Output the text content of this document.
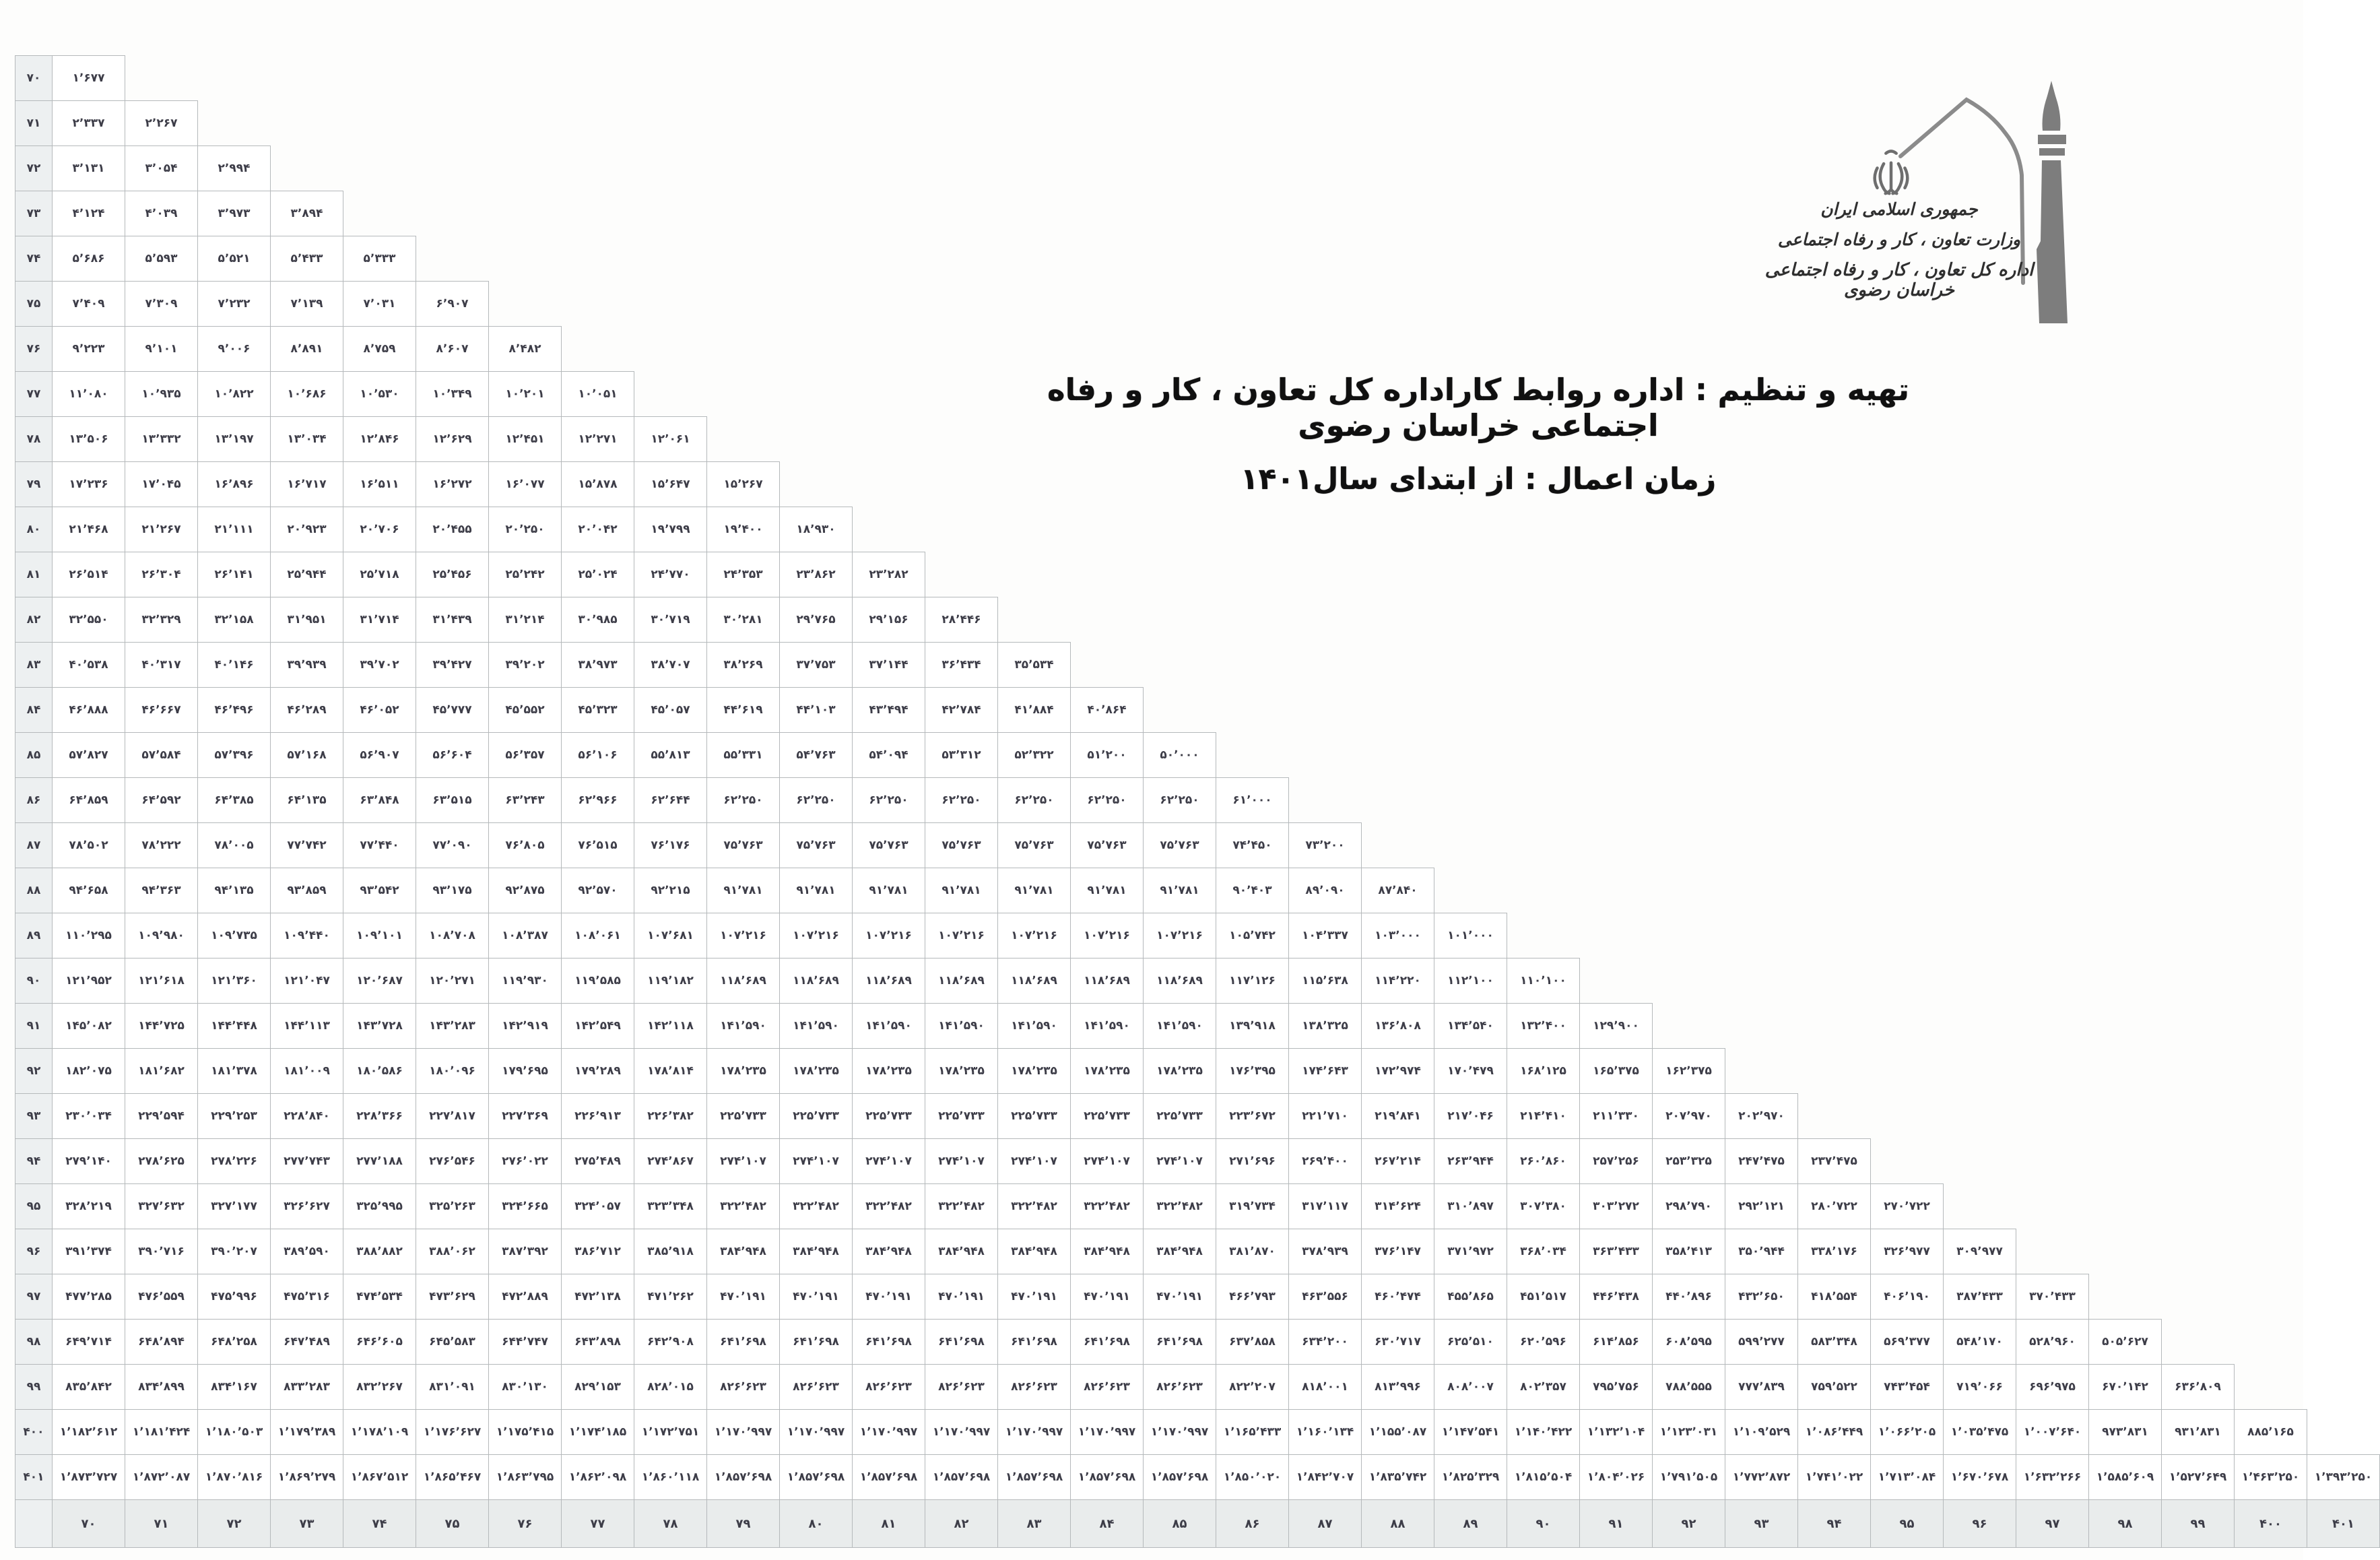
جمهوری اسلامی ایران
وزارت تعاون ، کار و رفاه اجتماعی
اداره کل تعاون ، کار و رفاه اجتماعی خراسان رضوی
تهیه و تنظیم : اداره روابط کاراداره کل تعاون ، کار و رفاه اجتماعی خراسان رضوی
زمان اعمال : از ابتدای سال۱۴۰۱
۷۰	۱٬۶۷۷																															
۷۱	۲٬۳۳۷	۲٬۲۶۷																														
۷۲	۳٬۱۳۱	۳٬۰۵۴	۲٬۹۹۴																													
۷۳	۴٬۱۲۴	۴٬۰۳۹	۳٬۹۷۳	۳٬۸۹۴																												
۷۴	۵٬۶۸۶	۵٬۵۹۳	۵٬۵۲۱	۵٬۴۳۳	۵٬۳۳۳																											
۷۵	۷٬۴۰۹	۷٬۳۰۹	۷٬۲۳۲	۷٬۱۳۹	۷٬۰۳۱	۶٬۹۰۷																										
۷۶	۹٬۲۲۳	۹٬۱۰۱	۹٬۰۰۶	۸٬۸۹۱	۸٬۷۵۹	۸٬۶۰۷	۸٬۴۸۲																									
۷۷	۱۱٬۰۸۰	۱۰٬۹۳۵	۱۰٬۸۲۲	۱۰٬۶۸۶	۱۰٬۵۳۰	۱۰٬۳۴۹	۱۰٬۲۰۱	۱۰٬۰۵۱																								
۷۸	۱۳٬۵۰۶	۱۳٬۳۳۲	۱۳٬۱۹۷	۱۳٬۰۳۴	۱۲٬۸۴۶	۱۲٬۶۲۹	۱۲٬۴۵۱	۱۲٬۲۷۱	۱۲٬۰۶۱																							
۷۹	۱۷٬۲۳۶	۱۷٬۰۴۵	۱۶٬۸۹۶	۱۶٬۷۱۷	۱۶٬۵۱۱	۱۶٬۲۷۲	۱۶٬۰۷۷	۱۵٬۸۷۸	۱۵٬۶۴۷	۱۵٬۲۶۷																						
۸۰	۲۱٬۴۶۸	۲۱٬۲۶۷	۲۱٬۱۱۱	۲۰٬۹۲۳	۲۰٬۷۰۶	۲۰٬۴۵۵	۲۰٬۲۵۰	۲۰٬۰۴۲	۱۹٬۷۹۹	۱۹٬۴۰۰	۱۸٬۹۳۰																					
۸۱	۲۶٬۵۱۴	۲۶٬۳۰۴	۲۶٬۱۴۱	۲۵٬۹۴۴	۲۵٬۷۱۸	۲۵٬۴۵۶	۲۵٬۲۴۲	۲۵٬۰۲۴	۲۴٬۷۷۰	۲۴٬۳۵۳	۲۳٬۸۶۲	۲۳٬۲۸۲																				
۸۲	۳۲٬۵۵۰	۳۲٬۳۲۹	۳۲٬۱۵۸	۳۱٬۹۵۱	۳۱٬۷۱۴	۳۱٬۴۳۹	۳۱٬۲۱۴	۳۰٬۹۸۵	۳۰٬۷۱۹	۳۰٬۲۸۱	۲۹٬۷۶۵	۲۹٬۱۵۶	۲۸٬۴۴۶																			
۸۳	۴۰٬۵۳۸	۴۰٬۳۱۷	۴۰٬۱۴۶	۳۹٬۹۳۹	۳۹٬۷۰۲	۳۹٬۴۲۷	۳۹٬۲۰۲	۳۸٬۹۷۳	۳۸٬۷۰۷	۳۸٬۲۶۹	۳۷٬۷۵۳	۳۷٬۱۴۴	۳۶٬۴۳۴	۳۵٬۵۳۴																		
۸۴	۴۶٬۸۸۸	۴۶٬۶۶۷	۴۶٬۴۹۶	۴۶٬۲۸۹	۴۶٬۰۵۲	۴۵٬۷۷۷	۴۵٬۵۵۲	۴۵٬۳۲۳	۴۵٬۰۵۷	۴۴٬۶۱۹	۴۴٬۱۰۳	۴۳٬۴۹۴	۴۲٬۷۸۴	۴۱٬۸۸۴	۴۰٬۸۶۴																	
۸۵	۵۷٬۸۲۷	۵۷٬۵۸۴	۵۷٬۳۹۶	۵۷٬۱۶۸	۵۶٬۹۰۷	۵۶٬۶۰۴	۵۶٬۳۵۷	۵۶٬۱۰۶	۵۵٬۸۱۳	۵۵٬۳۳۱	۵۴٬۷۶۳	۵۴٬۰۹۴	۵۳٬۳۱۲	۵۲٬۳۲۲	۵۱٬۲۰۰	۵۰٬۰۰۰																
۸۶	۶۴٬۸۵۹	۶۴٬۵۹۲	۶۴٬۳۸۵	۶۴٬۱۳۵	۶۳٬۸۴۸	۶۳٬۵۱۵	۶۳٬۲۴۳	۶۲٬۹۶۶	۶۲٬۶۴۴	۶۲٬۲۵۰	۶۲٬۲۵۰	۶۲٬۲۵۰	۶۲٬۲۵۰	۶۲٬۲۵۰	۶۲٬۲۵۰	۶۲٬۲۵۰	۶۱٬۰۰۰															
۸۷	۷۸٬۵۰۲	۷۸٬۲۲۲	۷۸٬۰۰۵	۷۷٬۷۴۲	۷۷٬۴۴۰	۷۷٬۰۹۰	۷۶٬۸۰۵	۷۶٬۵۱۵	۷۶٬۱۷۶	۷۵٬۷۶۳	۷۵٬۷۶۳	۷۵٬۷۶۳	۷۵٬۷۶۳	۷۵٬۷۶۳	۷۵٬۷۶۳	۷۵٬۷۶۳	۷۴٬۴۵۰	۷۳٬۲۰۰														
۸۸	۹۴٬۶۵۸	۹۴٬۳۶۳	۹۴٬۱۳۵	۹۳٬۸۵۹	۹۳٬۵۴۲	۹۳٬۱۷۵	۹۲٬۸۷۵	۹۲٬۵۷۰	۹۲٬۲۱۵	۹۱٬۷۸۱	۹۱٬۷۸۱	۹۱٬۷۸۱	۹۱٬۷۸۱	۹۱٬۷۸۱	۹۱٬۷۸۱	۹۱٬۷۸۱	۹۰٬۴۰۳	۸۹٬۰۹۰	۸۷٬۸۴۰													
۸۹	۱۱۰٬۲۹۵	۱۰۹٬۹۸۰	۱۰۹٬۷۳۵	۱۰۹٬۴۴۰	۱۰۹٬۱۰۱	۱۰۸٬۷۰۸	۱۰۸٬۳۸۷	۱۰۸٬۰۶۱	۱۰۷٬۶۸۱	۱۰۷٬۲۱۶	۱۰۷٬۲۱۶	۱۰۷٬۲۱۶	۱۰۷٬۲۱۶	۱۰۷٬۲۱۶	۱۰۷٬۲۱۶	۱۰۷٬۲۱۶	۱۰۵٬۷۴۲	۱۰۴٬۳۳۷	۱۰۳٬۰۰۰	۱۰۱٬۰۰۰												
۹۰	۱۲۱٬۹۵۲	۱۲۱٬۶۱۸	۱۲۱٬۳۶۰	۱۲۱٬۰۴۷	۱۲۰٬۶۸۷	۱۲۰٬۲۷۱	۱۱۹٬۹۳۰	۱۱۹٬۵۸۵	۱۱۹٬۱۸۲	۱۱۸٬۶۸۹	۱۱۸٬۶۸۹	۱۱۸٬۶۸۹	۱۱۸٬۶۸۹	۱۱۸٬۶۸۹	۱۱۸٬۶۸۹	۱۱۸٬۶۸۹	۱۱۷٬۱۲۶	۱۱۵٬۶۳۸	۱۱۴٬۲۲۰	۱۱۲٬۱۰۰	۱۱۰٬۱۰۰											
۹۱	۱۴۵٬۰۸۲	۱۴۴٬۷۲۵	۱۴۴٬۴۴۸	۱۴۴٬۱۱۳	۱۴۳٬۷۲۸	۱۴۳٬۲۸۳	۱۴۲٬۹۱۹	۱۴۲٬۵۴۹	۱۴۲٬۱۱۸	۱۴۱٬۵۹۰	۱۴۱٬۵۹۰	۱۴۱٬۵۹۰	۱۴۱٬۵۹۰	۱۴۱٬۵۹۰	۱۴۱٬۵۹۰	۱۴۱٬۵۹۰	۱۳۹٬۹۱۸	۱۳۸٬۳۲۵	۱۳۶٬۸۰۸	۱۳۴٬۵۴۰	۱۳۲٬۴۰۰	۱۲۹٬۹۰۰										
۹۲	۱۸۲٬۰۷۵	۱۸۱٬۶۸۲	۱۸۱٬۳۷۸	۱۸۱٬۰۰۹	۱۸۰٬۵۸۶	۱۸۰٬۰۹۶	۱۷۹٬۶۹۵	۱۷۹٬۲۸۹	۱۷۸٬۸۱۴	۱۷۸٬۲۳۵	۱۷۸٬۲۳۵	۱۷۸٬۲۳۵	۱۷۸٬۲۳۵	۱۷۸٬۲۳۵	۱۷۸٬۲۳۵	۱۷۸٬۲۳۵	۱۷۶٬۳۹۵	۱۷۴٬۶۴۳	۱۷۲٬۹۷۴	۱۷۰٬۴۷۹	۱۶۸٬۱۲۵	۱۶۵٬۳۷۵	۱۶۲٬۳۷۵									
۹۳	۲۳۰٬۰۳۴	۲۲۹٬۵۹۴	۲۲۹٬۲۵۳	۲۲۸٬۸۴۰	۲۲۸٬۳۶۶	۲۲۷٬۸۱۷	۲۲۷٬۳۶۹	۲۲۶٬۹۱۳	۲۲۶٬۳۸۲	۲۲۵٬۷۳۳	۲۲۵٬۷۳۳	۲۲۵٬۷۳۳	۲۲۵٬۷۳۳	۲۲۵٬۷۳۳	۲۲۵٬۷۳۳	۲۲۵٬۷۳۳	۲۲۳٬۶۷۲	۲۲۱٬۷۱۰	۲۱۹٬۸۴۱	۲۱۷٬۰۴۶	۲۱۴٬۴۱۰	۲۱۱٬۳۳۰	۲۰۷٬۹۷۰	۲۰۲٬۹۷۰								
۹۴	۲۷۹٬۱۴۰	۲۷۸٬۶۲۵	۲۷۸٬۲۲۶	۲۷۷٬۷۴۳	۲۷۷٬۱۸۸	۲۷۶٬۵۴۶	۲۷۶٬۰۲۲	۲۷۵٬۴۸۹	۲۷۴٬۸۶۷	۲۷۴٬۱۰۷	۲۷۴٬۱۰۷	۲۷۴٬۱۰۷	۲۷۴٬۱۰۷	۲۷۴٬۱۰۷	۲۷۴٬۱۰۷	۲۷۴٬۱۰۷	۲۷۱٬۶۹۶	۲۶۹٬۴۰۰	۲۶۷٬۲۱۴	۲۶۳٬۹۴۴	۲۶۰٬۸۶۰	۲۵۷٬۲۵۶	۲۵۳٬۳۲۵	۲۴۷٬۴۷۵	۲۳۷٬۴۷۵							
۹۵	۳۲۸٬۲۱۹	۳۲۷٬۶۳۲	۳۲۷٬۱۷۷	۳۲۶٬۶۲۷	۳۲۵٬۹۹۵	۳۲۵٬۲۶۳	۳۲۴٬۶۶۵	۳۲۴٬۰۵۷	۳۲۳٬۳۴۸	۳۲۲٬۴۸۲	۳۲۲٬۴۸۲	۳۲۲٬۴۸۲	۳۲۲٬۴۸۲	۳۲۲٬۴۸۲	۳۲۲٬۴۸۲	۳۲۲٬۴۸۲	۳۱۹٬۷۳۴	۳۱۷٬۱۱۷	۳۱۴٬۶۲۴	۳۱۰٬۸۹۷	۳۰۷٬۳۸۰	۳۰۳٬۲۷۲	۲۹۸٬۷۹۰	۲۹۲٬۱۲۱	۲۸۰٬۷۲۲	۲۷۰٬۷۲۲						
۹۶	۳۹۱٬۳۷۴	۳۹۰٬۷۱۶	۳۹۰٬۲۰۷	۳۸۹٬۵۹۰	۳۸۸٬۸۸۲	۳۸۸٬۰۶۲	۳۸۷٬۳۹۲	۳۸۶٬۷۱۲	۳۸۵٬۹۱۸	۳۸۴٬۹۴۸	۳۸۴٬۹۴۸	۳۸۴٬۹۴۸	۳۸۴٬۹۴۸	۳۸۴٬۹۴۸	۳۸۴٬۹۴۸	۳۸۴٬۹۴۸	۳۸۱٬۸۷۰	۳۷۸٬۹۳۹	۳۷۶٬۱۴۷	۳۷۱٬۹۷۲	۳۶۸٬۰۳۴	۳۶۳٬۴۳۳	۳۵۸٬۴۱۳	۳۵۰٬۹۴۴	۳۳۸٬۱۷۶	۳۲۶٬۹۷۷	۳۰۹٬۹۷۷					
۹۷	۴۷۷٬۲۸۵	۴۷۶٬۵۵۹	۴۷۵٬۹۹۶	۴۷۵٬۳۱۶	۴۷۴٬۵۳۴	۴۷۳٬۶۲۹	۴۷۲٬۸۸۹	۴۷۲٬۱۳۸	۴۷۱٬۲۶۲	۴۷۰٬۱۹۱	۴۷۰٬۱۹۱	۴۷۰٬۱۹۱	۴۷۰٬۱۹۱	۴۷۰٬۱۹۱	۴۷۰٬۱۹۱	۴۷۰٬۱۹۱	۴۶۶٬۷۹۳	۴۶۳٬۵۵۶	۴۶۰٬۴۷۴	۴۵۵٬۸۶۵	۴۵۱٬۵۱۷	۴۴۶٬۴۳۸	۴۴۰٬۸۹۶	۴۳۲٬۶۵۰	۴۱۸٬۵۵۴	۴۰۶٬۱۹۰	۳۸۷٬۴۳۳	۳۷۰٬۴۳۳				
۹۸	۶۴۹٬۷۱۴	۶۴۸٬۸۹۴	۶۴۸٬۲۵۸	۶۴۷٬۴۸۹	۶۴۶٬۶۰۵	۶۴۵٬۵۸۳	۶۴۴٬۷۴۷	۶۴۳٬۸۹۸	۶۴۲٬۹۰۸	۶۴۱٬۶۹۸	۶۴۱٬۶۹۸	۶۴۱٬۶۹۸	۶۴۱٬۶۹۸	۶۴۱٬۶۹۸	۶۴۱٬۶۹۸	۶۴۱٬۶۹۸	۶۳۷٬۸۵۸	۶۳۴٬۲۰۰	۶۳۰٬۷۱۷	۶۲۵٬۵۱۰	۶۲۰٬۵۹۶	۶۱۴٬۸۵۶	۶۰۸٬۵۹۵	۵۹۹٬۲۷۷	۵۸۳٬۳۴۸	۵۶۹٬۳۷۷	۵۴۸٬۱۷۰	۵۲۸٬۹۶۰	۵۰۵٬۶۲۷			
۹۹	۸۳۵٬۸۴۲	۸۳۴٬۸۹۹	۸۳۴٬۱۶۷	۸۳۳٬۲۸۳	۸۳۲٬۲۶۷	۸۳۱٬۰۹۱	۸۳۰٬۱۳۰	۸۲۹٬۱۵۳	۸۲۸٬۰۱۵	۸۲۶٬۶۲۳	۸۲۶٬۶۲۳	۸۲۶٬۶۲۳	۸۲۶٬۶۲۳	۸۲۶٬۶۲۳	۸۲۶٬۶۲۳	۸۲۶٬۶۲۳	۸۲۲٬۲۰۷	۸۱۸٬۰۰۱	۸۱۳٬۹۹۶	۸۰۸٬۰۰۷	۸۰۲٬۳۵۷	۷۹۵٬۷۵۶	۷۸۸٬۵۵۵	۷۷۷٬۸۳۹	۷۵۹٬۵۲۲	۷۴۳٬۴۵۴	۷۱۹٬۰۶۶	۶۹۶٬۹۷۵	۶۷۰٬۱۴۲	۶۳۶٬۸۰۹		
۴۰۰	۱٬۱۸۲٬۶۱۲	۱٬۱۸۱٬۴۲۴	۱٬۱۸۰٬۵۰۳	۱٬۱۷۹٬۳۸۹	۱٬۱۷۸٬۱۰۹	۱٬۱۷۶٬۶۲۷	۱٬۱۷۵٬۴۱۵	۱٬۱۷۴٬۱۸۵	۱٬۱۷۲٬۷۵۱	۱٬۱۷۰٬۹۹۷	۱٬۱۷۰٬۹۹۷	۱٬۱۷۰٬۹۹۷	۱٬۱۷۰٬۹۹۷	۱٬۱۷۰٬۹۹۷	۱٬۱۷۰٬۹۹۷	۱٬۱۷۰٬۹۹۷	۱٬۱۶۵٬۴۳۳	۱٬۱۶۰٬۱۳۴	۱٬۱۵۵٬۰۸۷	۱٬۱۴۷٬۵۴۱	۱٬۱۴۰٬۴۲۲	۱٬۱۳۲٬۱۰۴	۱٬۱۲۳٬۰۳۱	۱٬۱۰۹٬۵۲۹	۱٬۰۸۶٬۴۴۹	۱٬۰۶۶٬۲۰۵	۱٬۰۳۵٬۴۷۵	۱٬۰۰۷٬۶۴۰	۹۷۳٬۸۳۱	۹۳۱٬۸۳۱	۸۸۵٬۱۶۵	
۴۰۱	۱٬۸۷۳٬۷۲۷	۱٬۸۷۲٬۰۸۷	۱٬۸۷۰٬۸۱۶	۱٬۸۶۹٬۲۷۹	۱٬۸۶۷٬۵۱۲	۱٬۸۶۵٬۴۶۷	۱٬۸۶۳٬۷۹۵	۱٬۸۶۲٬۰۹۸	۱٬۸۶۰٬۱۱۸	۱٬۸۵۷٬۶۹۸	۱٬۸۵۷٬۶۹۸	۱٬۸۵۷٬۶۹۸	۱٬۸۵۷٬۶۹۸	۱٬۸۵۷٬۶۹۸	۱٬۸۵۷٬۶۹۸	۱٬۸۵۷٬۶۹۸	۱٬۸۵۰٬۰۲۰	۱٬۸۴۲٬۷۰۷	۱٬۸۳۵٬۷۴۲	۱٬۸۲۵٬۳۲۹	۱٬۸۱۵٬۵۰۴	۱٬۸۰۴٬۰۲۶	۱٬۷۹۱٬۵۰۵	۱٬۷۷۲٬۸۷۲	۱٬۷۴۱٬۰۲۲	۱٬۷۱۳٬۰۸۴	۱٬۶۷۰٬۶۷۸	۱٬۶۳۲٬۲۶۶	۱٬۵۸۵٬۶۰۹	۱٬۵۲۷٬۶۴۹	۱٬۴۶۳٬۲۵۰	۱٬۳۹۳٬۲۵۰
	۷۰	۷۱	۷۲	۷۳	۷۴	۷۵	۷۶	۷۷	۷۸	۷۹	۸۰	۸۱	۸۲	۸۳	۸۴	۸۵	۸۶	۸۷	۸۸	۸۹	۹۰	۹۱	۹۲	۹۳	۹۴	۹۵	۹۶	۹۷	۹۸	۹۹	۴۰۰	۴۰۱
